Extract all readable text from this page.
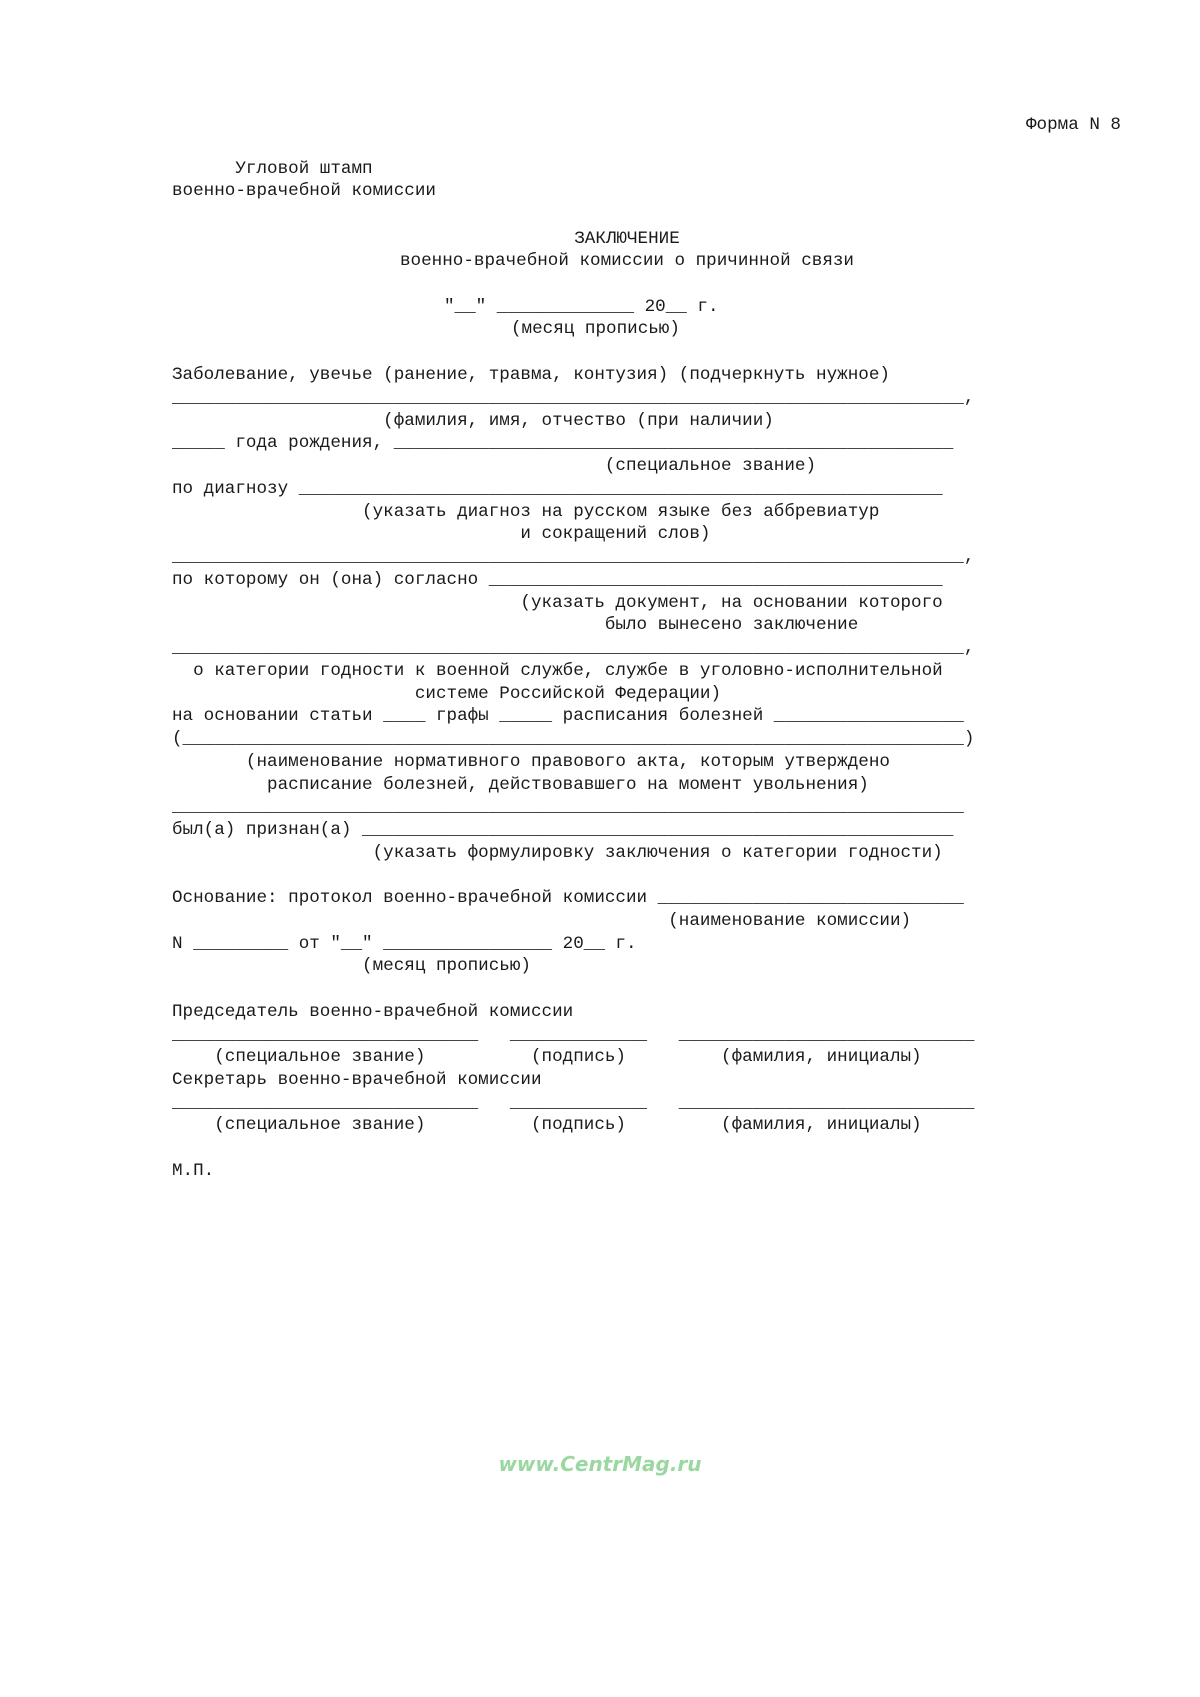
Форма N 8
Угловой штамп
военно-врачебной комиссии
ЗАКЛЮЧЕНИЕ
военно-врачебной комиссии о причинной связи
"__" _____________ 20__ г.
(месяц прописью)
Заболевание, увечье (ранение, травма, контузия) (подчеркнуть нужное)
___________________________________________________________________________,
(фамилия, имя, отчество (при наличии)
_____ года рождения, _____________________________________________________
(специальное звание)
по диагнозу _____________________________________________________________
(указать диагноз на русском языке без аббревиатур
и сокращений слов)
___________________________________________________________________________,
по которому он (она) согласно ___________________________________________
(указать документ, на основании которого
было вынесено заключение
___________________________________________________________________________,
о категории годности к военной службе, службе в уголовно-исполнительной
системе Российской Федерации)
на основании статьи ____ графы _____ расписания болезней __________________
(__________________________________________________________________________)
(наименование нормативного правового акта, которым утверждено
расписание болезней, действовавшего на момент увольнения)
___________________________________________________________________________
был(а) признан(а) ________________________________________________________
(указать формулировку заключения о категории годности)
Основание: протокол военно-врачебной комиссии _____________________________
(наименование комиссии)
N _________ от "__" ________________ 20__ г.
(месяц прописью)
Председатель военно-врачебной комиссии
_____________________________   _____________   ____________________________
(специальное звание)          (подпись)         (фамилия, инициалы)
Секретарь военно-врачебной комиссии
_____________________________   _____________   ____________________________
(специальное звание)          (подпись)         (фамилия, инициалы)
М.П.
www.CentrMag.ru
